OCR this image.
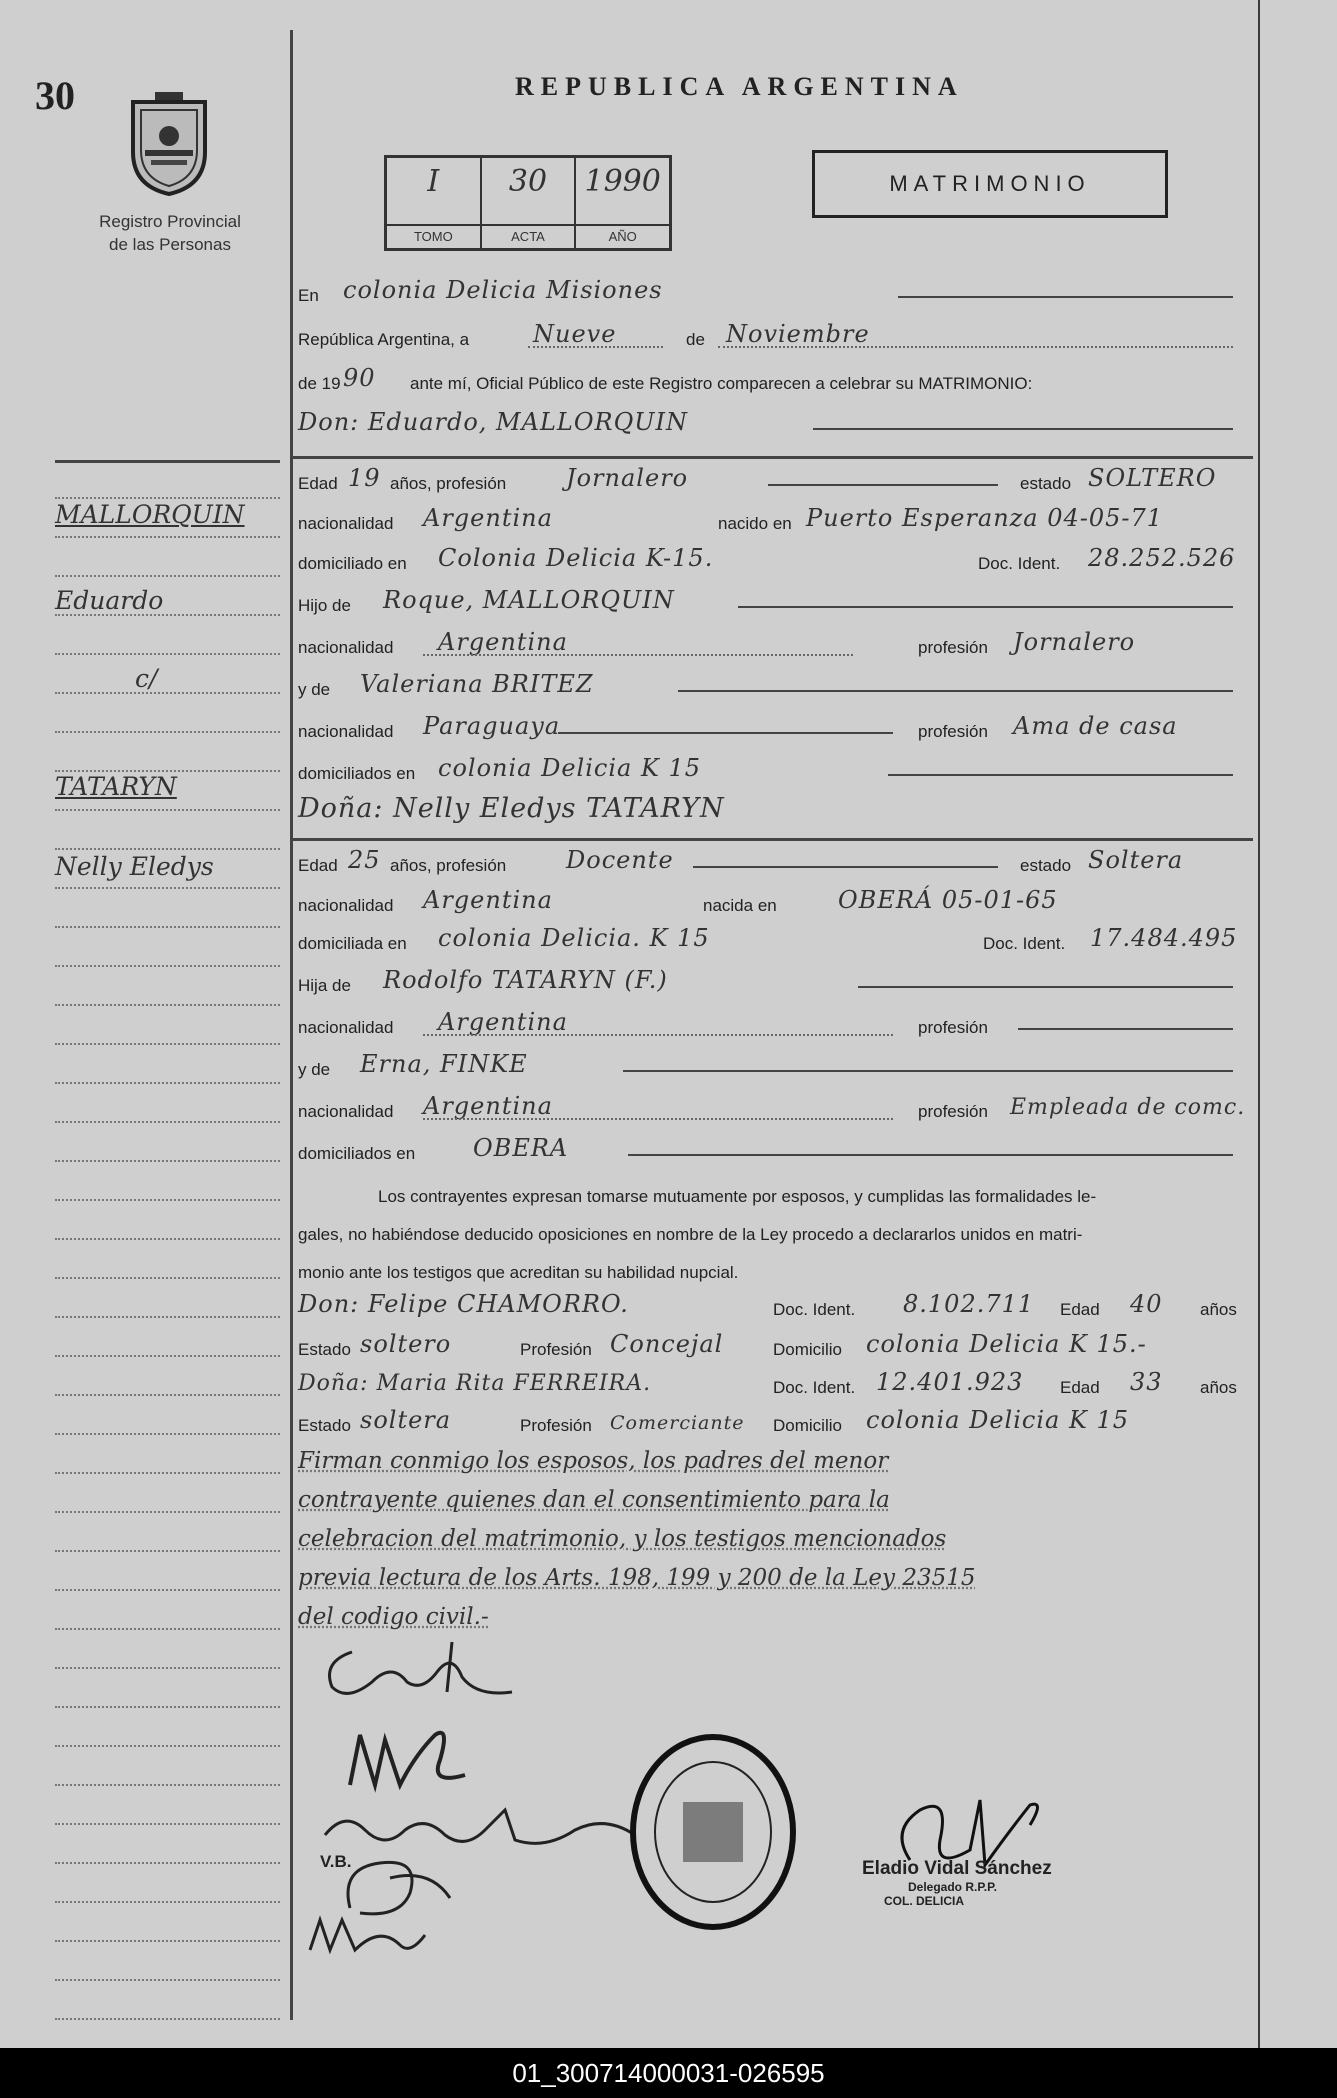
30
Registro Provincial
de las Personas
REPUBLICA ARGENTINA
I
TOMO
30
ACTA
1990
AÑO
MATRIMONIO
En colonia Delicia Misiones
República Argentina, a	Nueve	de Noviembre
de 19 90 ante mí, Oficial Público de este Registro comparecen a celebrar su MATRIMONIO:
Don: Eduardo, MALLORQUIN
Edad 19 años, profesión Jornalero	estado SOLTERO
nacionalidad Argentina	nacido en Puerto Esperanza 04-05-71
domiciliado en Colonia Delicia K-15.	Doc. Ident. 28.252.526
Hijo de Roque, MALLORQUIN
nacionalidad Argentina	profesión Jornalero
y de Valeriana BRITEZ
nacionalidad Paraguaya	profesión Ama de casa
domiciliados en colonia Delicia K 15
Doña: Nelly Eledys TATARYN
Edad 25 años, profesión Docente	estado Soltera
nacionalidad Argentina	nacida en	OBERÁ 05-01-65
domiciliada en colonia Delicia. K 15	Doc. Ident. 17.484.495
Hija de Rodolfo TATARYN (F.)
nacionalidad Argentina	profesión
y de Erna, FINKE
nacionalidad Argentina	profesión Empleada de comc.
domiciliados en OBERA
Los contrayentes expresan tomarse mutuamente por esposos, y cumplidas las formalidades le-
gales, no habiéndose deducido oposiciones en nombre de la Ley procedo a declararlos unidos en matri-
monio ante los testigos que acreditan su habilidad nupcial.
Don: Felipe CHAMORRO.	Doc. Ident. 8.102.711 Edad 40 años
Estado soltero	Profesión Concejal	Domicilio colonia Delicia K 15.-
Doña: Maria Rita FERREIRA.	Doc. Ident. 12.401.923 Edad 33 años
Estado soltera	Profesión Comerciante Domicilio colonia Delicia K 15
Firman conmigo los esposos, los padres del menor
contrayente quienes dan el consentimiento para la
celebracion del matrimonio, y los testigos mencionados
previa lectura de los Arts. 198, 199 y 200 de la Ley 23515
del codigo civil.-
MALLORQUIN
Eduardo
c/
TATARYN
Nelly Eledys
V.B.	Eladio Vidal Sánchez
Delegado R.P.P.
COL. DELICIA
01_300714000031-026595
